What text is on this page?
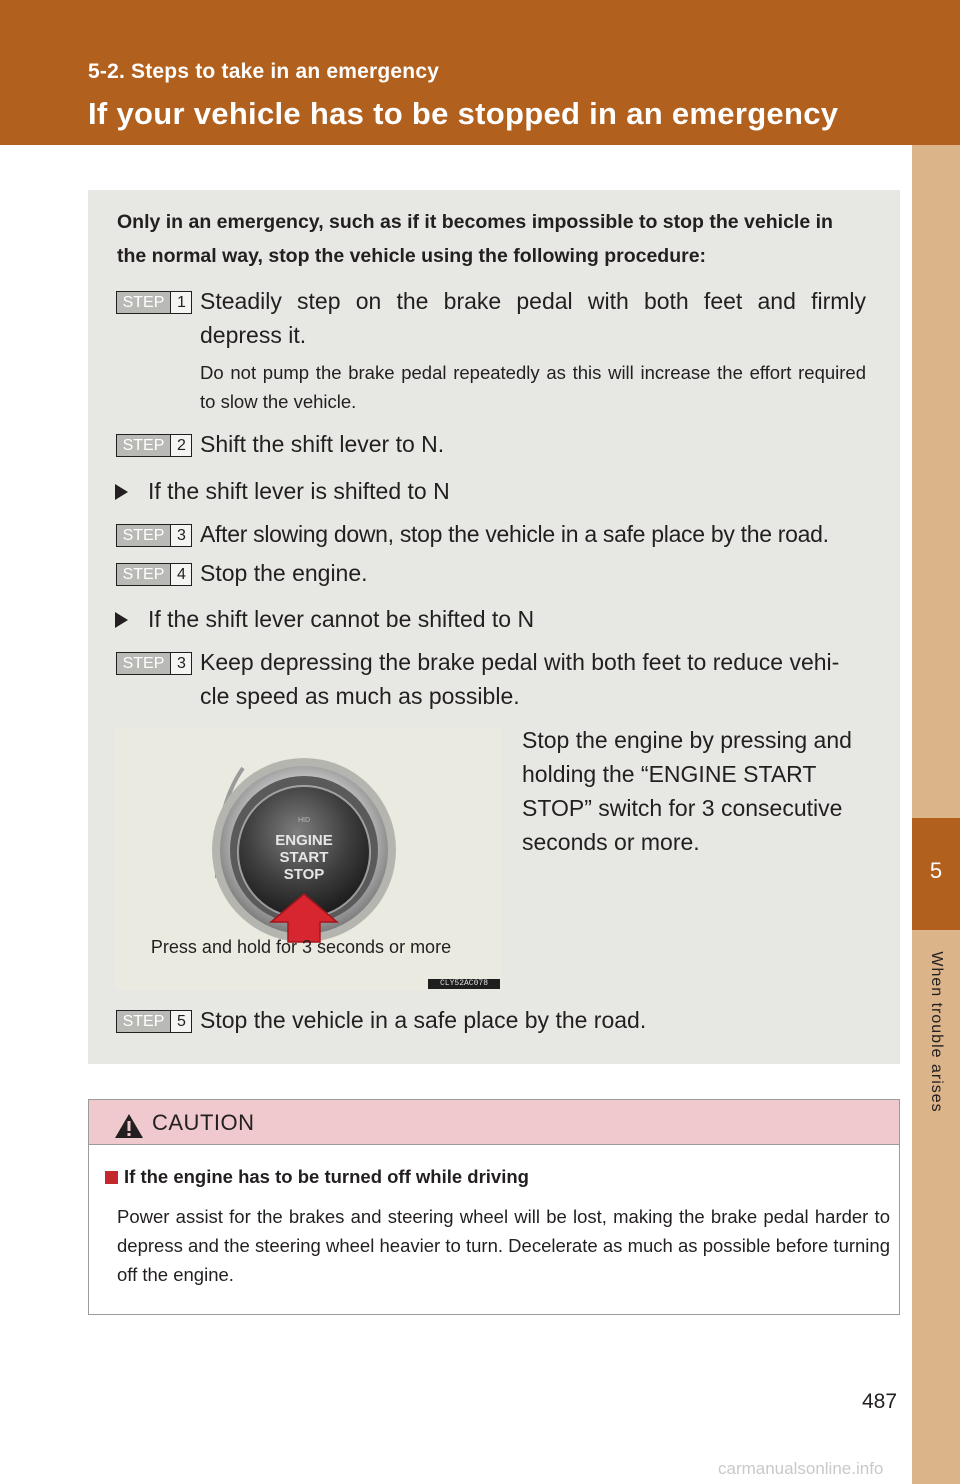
5-2. Steps to take in an emergency
If your vehicle has to be stopped in an emergency
5
When trouble arises
Only in an emergency, such as if it becomes impossible to stop the vehicle in the normal way, stop the vehicle using the following procedure:
STEP 1 Steadily step on the brake pedal with both feet and firmly depress it.
Do not pump the brake pedal repeatedly as this will increase the effort required to slow the vehicle.
STEP 2 Shift the shift lever to N.
If the shift lever is shifted to N
STEP 3 After slowing down, stop the vehicle in a safe place by the road.
STEP 4 Stop the engine.
If the shift lever cannot be shifted to N
STEP 3 Keep depressing the brake pedal with both feet to reduce vehi- cle speed as much as possible.
HID
ENGINE
START
STOP
Press and hold for 3 seconds or more
CLY52AC078
Stop the engine by pressing and holding the “ENGINE START STOP” switch for 3 consecutive seconds or more.
STEP 5 Stop the vehicle in a safe place by the road.
CAUTION
If the engine has to be turned off while driving
Power assist for the brakes and steering wheel will be lost, making the brake pedal harder to depress and the steering wheel heavier to turn. Decelerate as much as possible before turning off the engine.
487
carmanualsonline.info
